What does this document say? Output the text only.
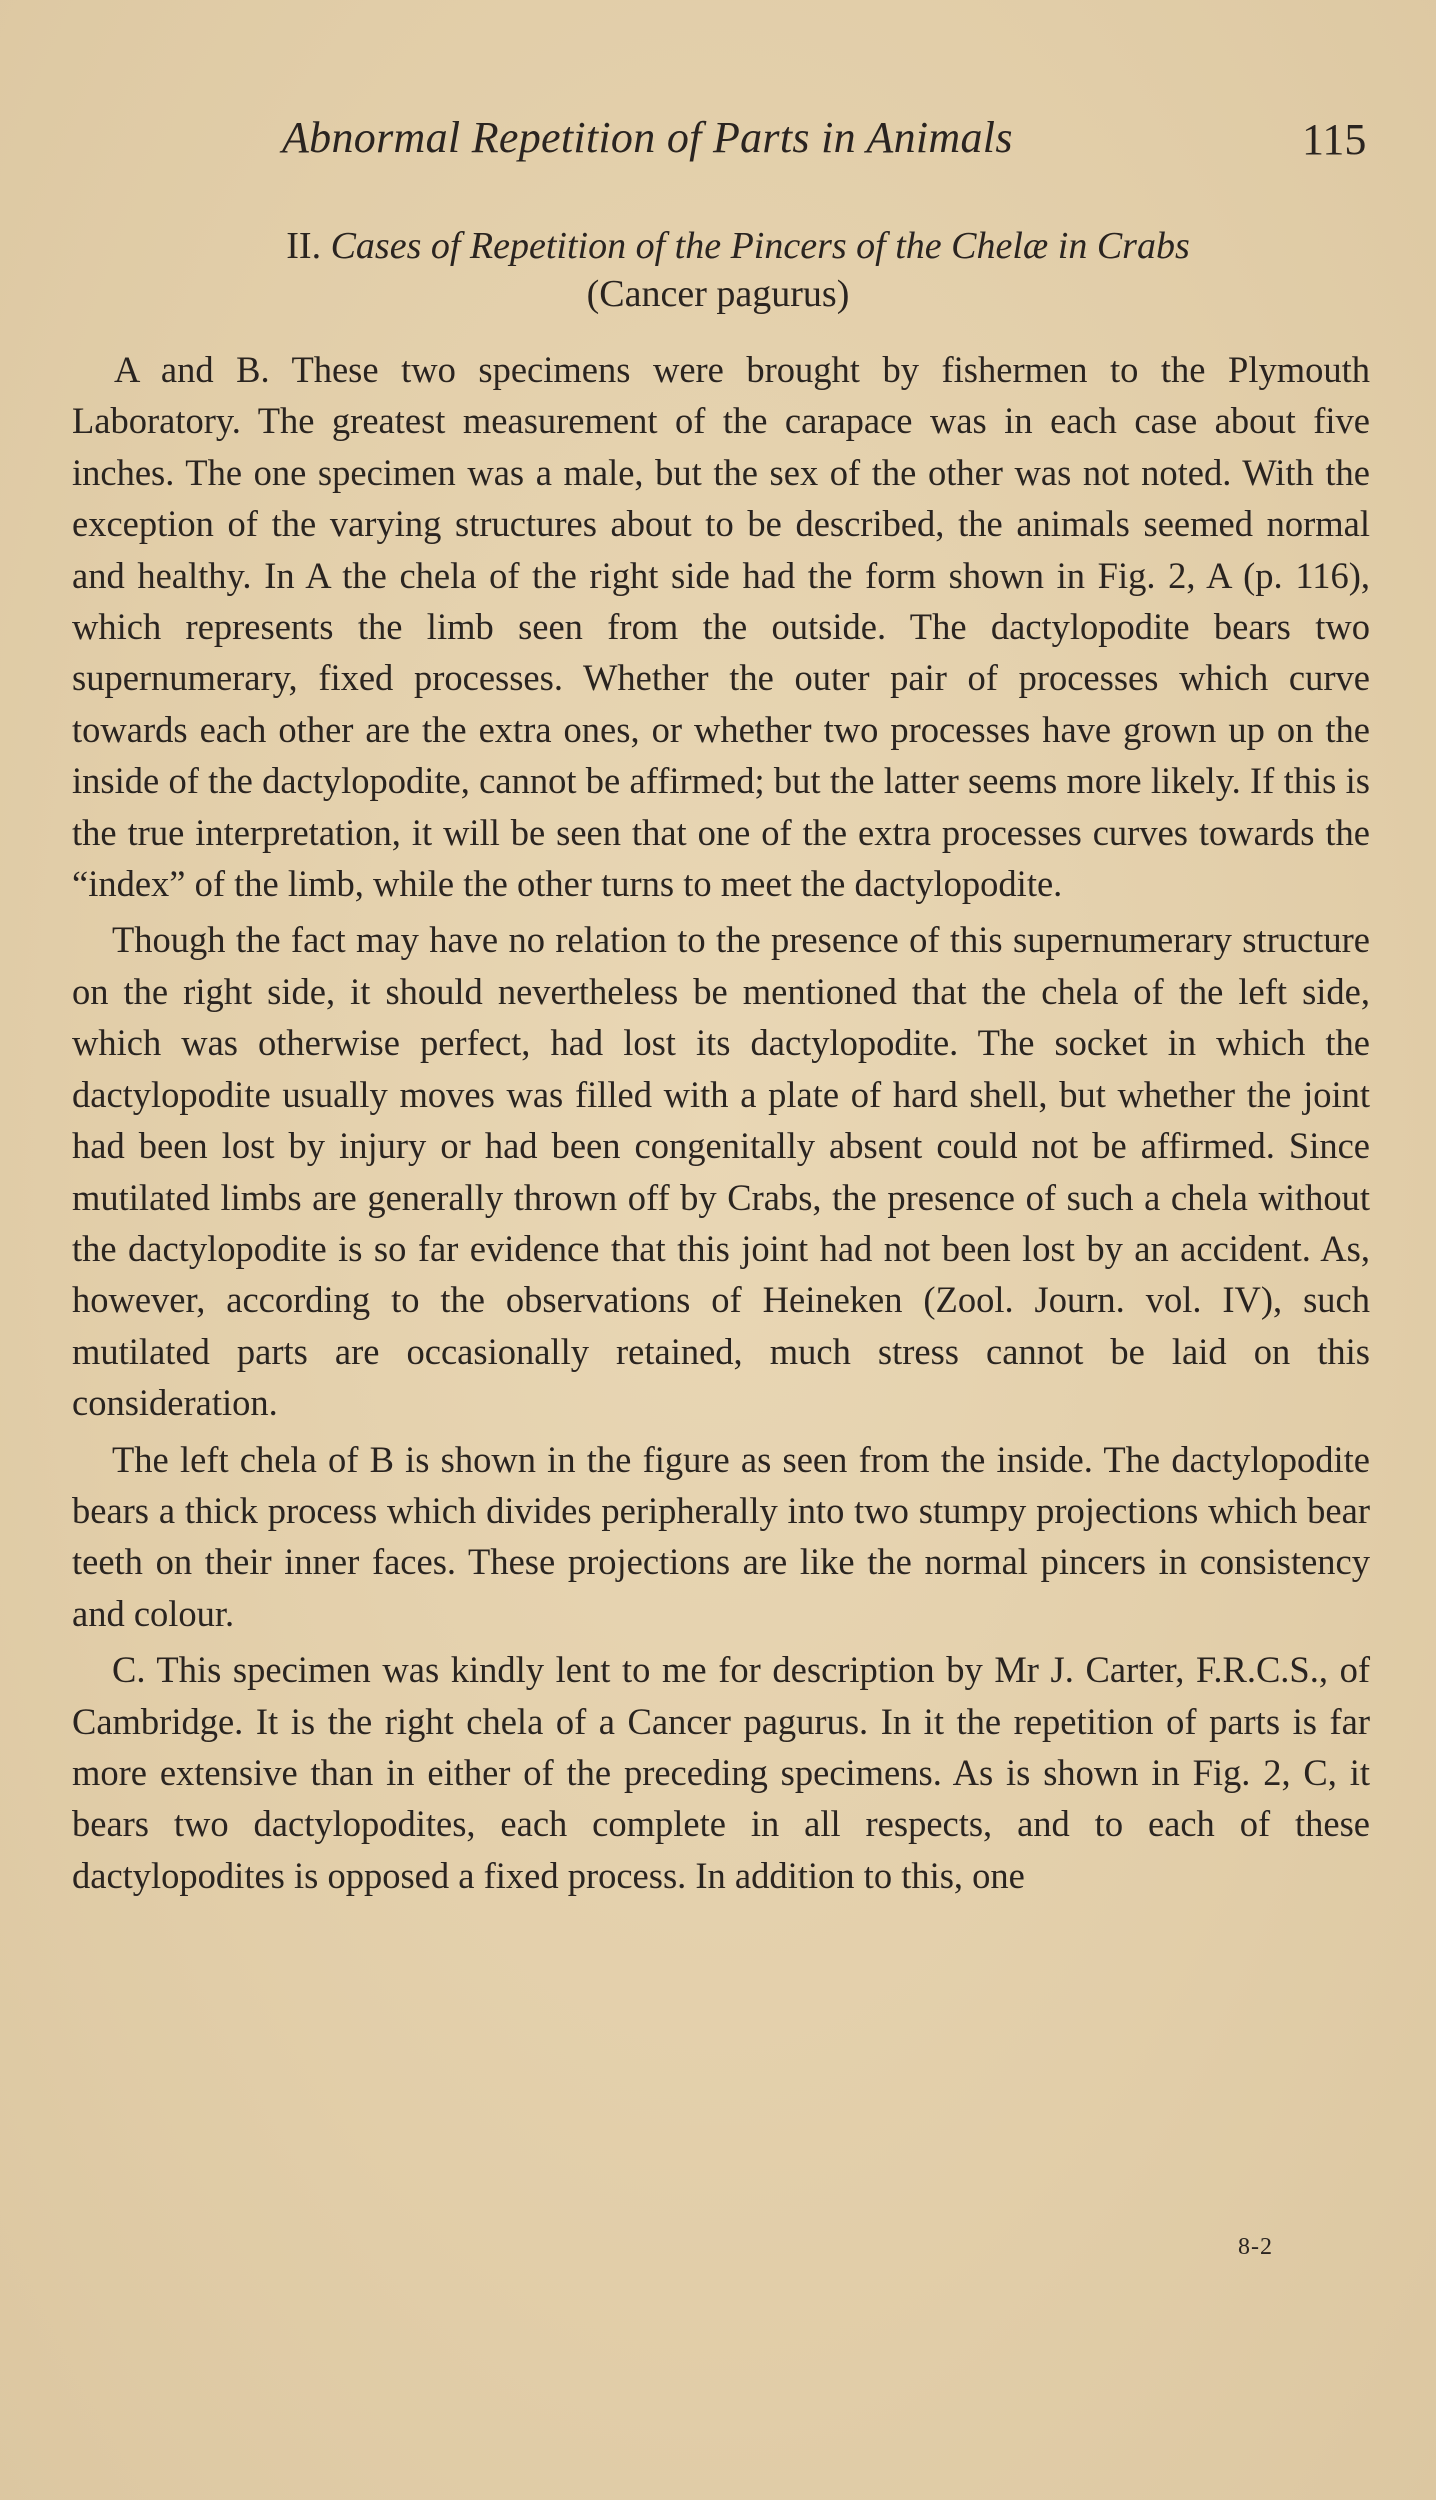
Abnormal Repetition of Parts in Animals	115
II. Cases of Repetition of the Pincers of the Chelæ in Crabs
(Cancer pagurus)

A and B. These two specimens were brought by fishermen to the Plymouth Laboratory. The greatest measurement of the carapace was in each case about five inches. The one specimen was a male, but the sex of the other was not noted. With the exception of the varying structures about to be described, the animals seemed normal and healthy. In A the chela of the right side had the form shown in Fig. 2, A (p. 116), which represents the limb seen from the outside. The dactylopodite bears two supernumerary, fixed processes. Whether the outer pair of processes which curve towards each other are the extra ones, or whether two processes have grown up on the inside of the dactylopodite, cannot be affirmed; but the latter seems more likely. If this is the true interpretation, it will be seen that one of the extra processes curves towards the “index” of the limb, while the other turns to meet the dactylopodite.

Though the fact may have no relation to the presence of this supernumerary structure on the right side, it should nevertheless be mentioned that the chela of the left side, which was otherwise perfect, had lost its dactylopodite. The socket in which the dactylopodite usually moves was filled with a plate of hard shell, but whether the joint had been lost by injury or had been congenitally absent could not be affirmed. Since mutilated limbs are generally thrown off by Crabs, the presence of such a chela without the dactylopodite is so far evidence that this joint had not been lost by an accident. As, however, according to the observations of Heineken (Zool. Journ. vol. IV), such mutilated parts are occasionally retained, much stress cannot be laid on this consideration.

The left chela of B is shown in the figure as seen from the inside. The dactylopodite bears a thick process which divides peripherally into two stumpy projections which bear teeth on their inner faces. These projections are like the normal pincers in consistency and colour.

C. This specimen was kindly lent to me for description by Mr J. Carter, F.R.C.S., of Cambridge. It is the right chela of a Cancer pagurus. In it the repetition of parts is far more extensive than in either of the preceding specimens. As is shown in Fig. 2, C, it bears two dactylopodites, each complete in all respects, and to each of these dactylopodites is opposed a fixed process. In addition to this, one

8-2
